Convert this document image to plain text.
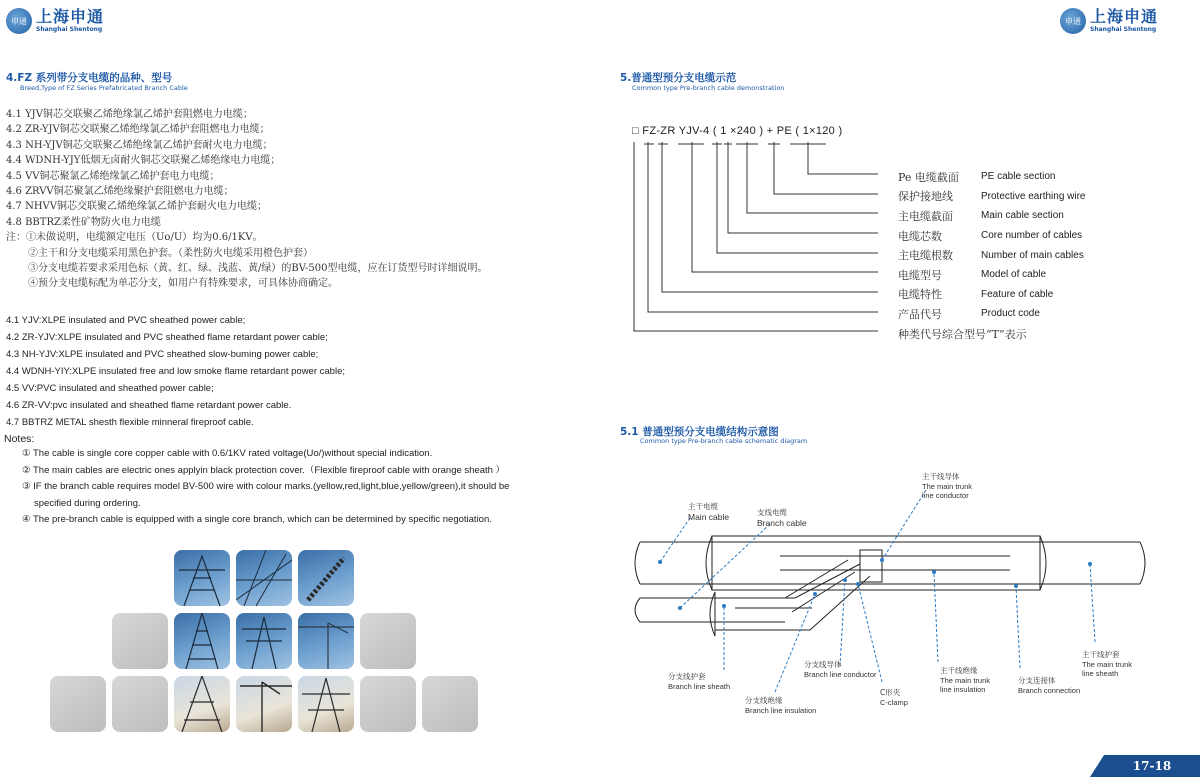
申通 上海申通
Shanghai Shentong
申通 上海申通
Shanghai Shentong
4.FZ 系列带分支电缆的品种、型号
Breed,Type of FZ Series Prefabricated Branch Cable
4.1 YJV铜芯交联聚乙烯绝缘氯乙烯护套阻燃电力电缆；
4.2 ZR-YJV铜芯交联聚乙烯绝缘氯乙烯护套阻燃电力电缆；
4.3 NH-YJV铜芯交联聚乙烯绝缘氯乙烯护套耐火电力电缆；
4.4 WDNH-YJY低烟无卤耐火铜芯交联聚乙烯绝缘电力电缆；
4.5 VV铜芯聚氯乙烯绝缘氯乙烯护套电力电缆；
4.6 ZRVV铜芯聚氯乙烯绝缘聚护套阻燃电力电缆；
4.7 NHVV铜芯交联聚乙烯绝缘氯乙烯护套耐火电力电缆；
4.8 BBTRZ柔性矿物防火电力电缆
注：①未做说明，电缆额定电压（Uo/U）均为0.6/1KV。
②主干和分支电缆采用黑色护套。（柔性防火电缆采用橙色护套）
③分支电缆若要求采用色标（黄、红、绿、浅蓝、黄/绿）的BV-500型电缆，应在订货型号时详细说明。
④预分支电缆标配为单芯分支，如用户有特殊要求，可具体协商确定。
4.1 YJV:XLPE insulated and PVC sheathed power cable;
4.2 ZR-YJV:XLPE insulated and PVC sheathed flame retardant power cable;
4.3 NH-YJV:XLPE insulated and PVC sheathed slow-buming power cable;
4.4 WDNH-YIY:XLPE insulated free and low smoke flame retardant power cable;
4.5 VV:PVC insulated and sheathed power cable;
4.6 ZR-VV:pvc insulated and sheathed flame retardant power cable.
4.7 BBTRZ METAL shesth flexible minneral fireproof cable.
Notes:
① The cable is single core copper cable with 0.6/1KV rated voltage(Uo/)without special indication.
② The main cables are electric ones applyin black protection cover.（Flexible fireproof cable with orange sheath ）
③ IF the branch cable requires model BV-500 wire with colour marks.(yellow,red,light,blue,yellow/green),it should be
specified during ordering.
④ The pre-branch cable is equipped with a single core branch, which can be determined by specific negotiation.
5.普通型预分支电缆示范
Common type Pre-branch cable demonstration
□ FZ-ZR YJV-4 ( 1 ×240 ) + PE ( 1×120 )
Pe 电缆截面	PE cable section
保护接地线	Protective earthing wire
主电缆截面	Main cable section
电缆芯数	Core number of cables
主电缆根数	Number of main cables
电缆型号	Model of cable
电缆特性	Feature of cable
产品代号	Product code
种类代号综合型号“T”表示
5.1 普通型预分支电缆结构示意图
Common type Pre-branch cable schematic diagram
主干电缆
Main cable	支线电缆
Branch cable
主干线导体
The main trunk
line conductor
分支线护套
Branch line sheath
分支线绝缘
Branch line insulation
分支线导体
Branch line conductor
C形夹
C-clamp
主干线绝缘
The main trunk
line insulation
分支连接体
Branch connection
主干线护套
The main trunk
line sheath
17-18
